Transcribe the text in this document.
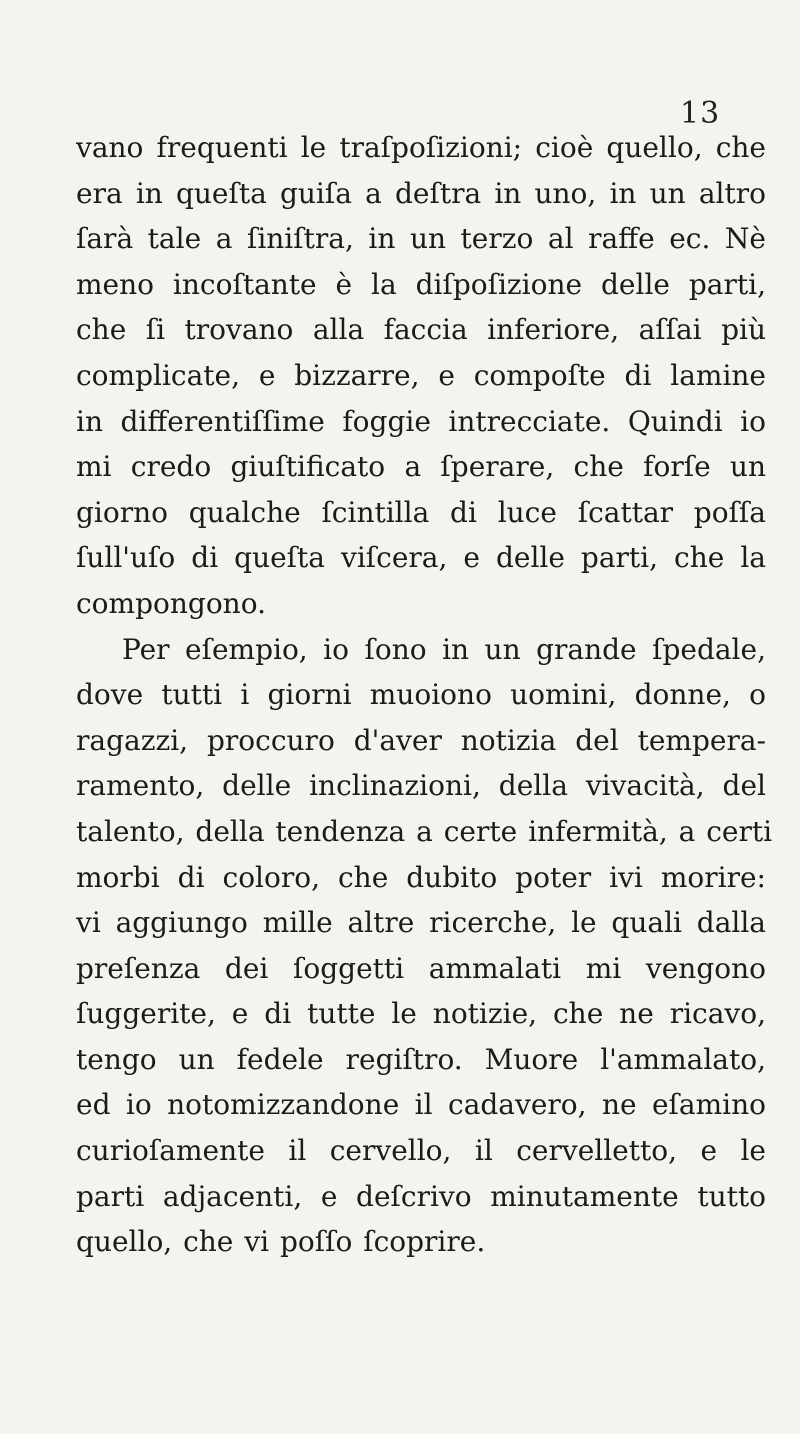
13
vano frequenti le traſpoſizioni; cioè quello, che
era in queſta guiſa a deſtra in uno, in un altro
ſarà tale a ſiniſtra, in un terzo al raffe ec. Nè
meno incoſtante è la diſpoſizione delle parti,
che ſi trovano alla faccia inferiore, aſſai più
complicate, e bizzarre, e compoſte di lamine
in differentiſſime foggie intrecciate. Quindi io
mi credo giuſtificato a ſperare, che forſe un
giorno qualche ſcintilla di luce ſcattar poſſa
ſull'uſo di queſta viſcera, e delle parti, che la
compongono.
Per eſempio, io ſono in un grande ſpedale,
dove tutti i giorni muoiono uomini, donne, o
ragazzi, proccuro d'aver notizia del tempera-
ramento, delle inclinazioni, della vivacità, del
talento, della tendenza a certe infermità, a certi
morbi di coloro, che dubito poter ivi morire:
vi aggiungo mille altre ricerche, le quali dalla
preſenza dei ſoggetti ammalati mi vengono
ſuggerite, e di tutte le notizie, che ne ricavo,
tengo un fedele regiſtro. Muore l'ammalato,
ed io notomizzandone il cadavero, ne eſamino
curioſamente il cervello, il cervelletto, e le
parti adjacenti, e deſcrivo minutamente tutto
quello, che vi poſſo ſcoprire.
